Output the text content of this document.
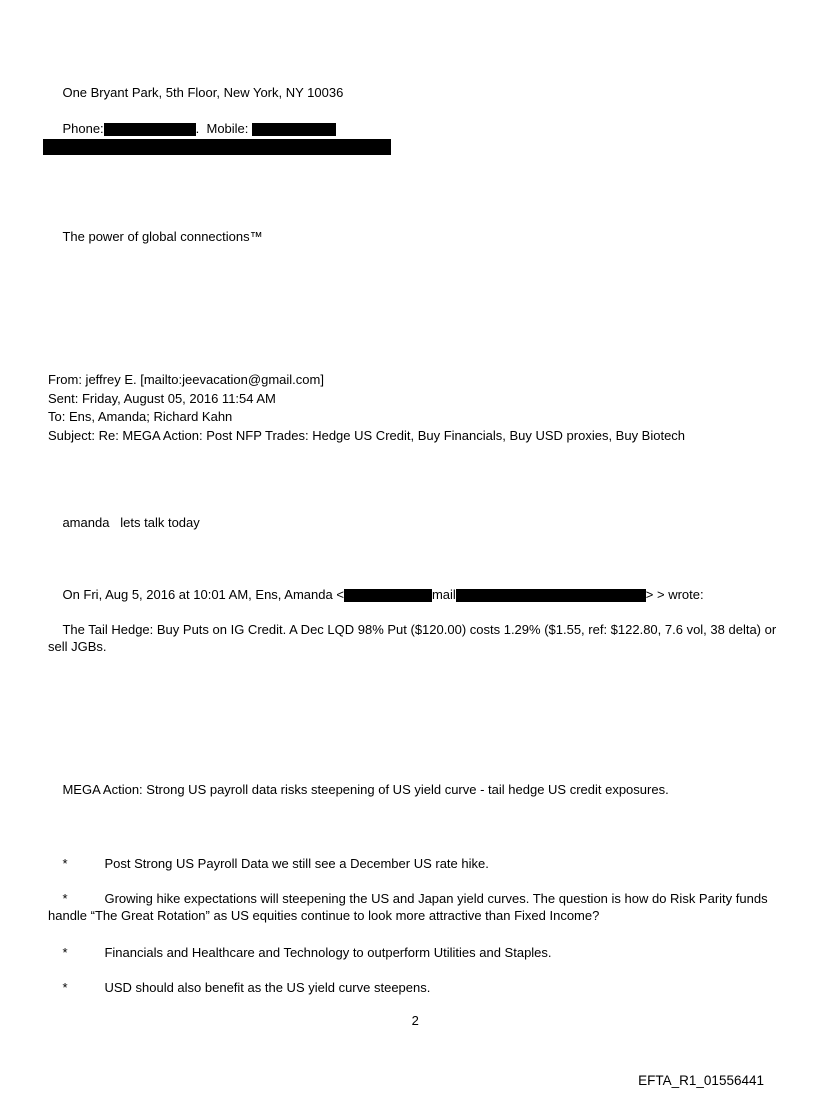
One Bryant Park, 5th Floor, New York, NY 10036

Phone:	.  Mobile:

The power of global connections™

From: jeffrey E. [mailto:jeevacation@gmail.com]
Sent: Friday, August 05, 2016 11:54 AM
To: Ens, Amanda; Richard Kahn
Subject: Re: MEGA Action: Post NFP Trades: Hedge US Credit, Buy Financials, Buy USD proxies, Buy Biotech

amanda   lets talk today

On Fri, Aug 5, 2016 at 10:01 AM, Ens, Amanda <	mail	> > wrote:

The Tail Hedge: Buy Puts on IG Credit. A Dec LQD 98% Put ($120.00) costs 1.29% ($1.55, ref: $122.80, 7.6 vol, 38 delta) or sell JGBs.

MEGA Action: Strong US payroll data risks steepening of US yield curve - tail hedge US credit exposures.

*	Post Strong US Payroll Data we still see a December US rate hike.

*	Growing hike expectations will steepening the US and Japan yield curves. The question is how do Risk Parity funds handle “The Great Rotation” as US equities continue to look more attractive than Fixed Income?

*	Financials and Healthcare and Technology to outperform Utilities and Staples.

*	USD should also benefit as the US yield curve steepens.

2

EFTA_R1_01556441
